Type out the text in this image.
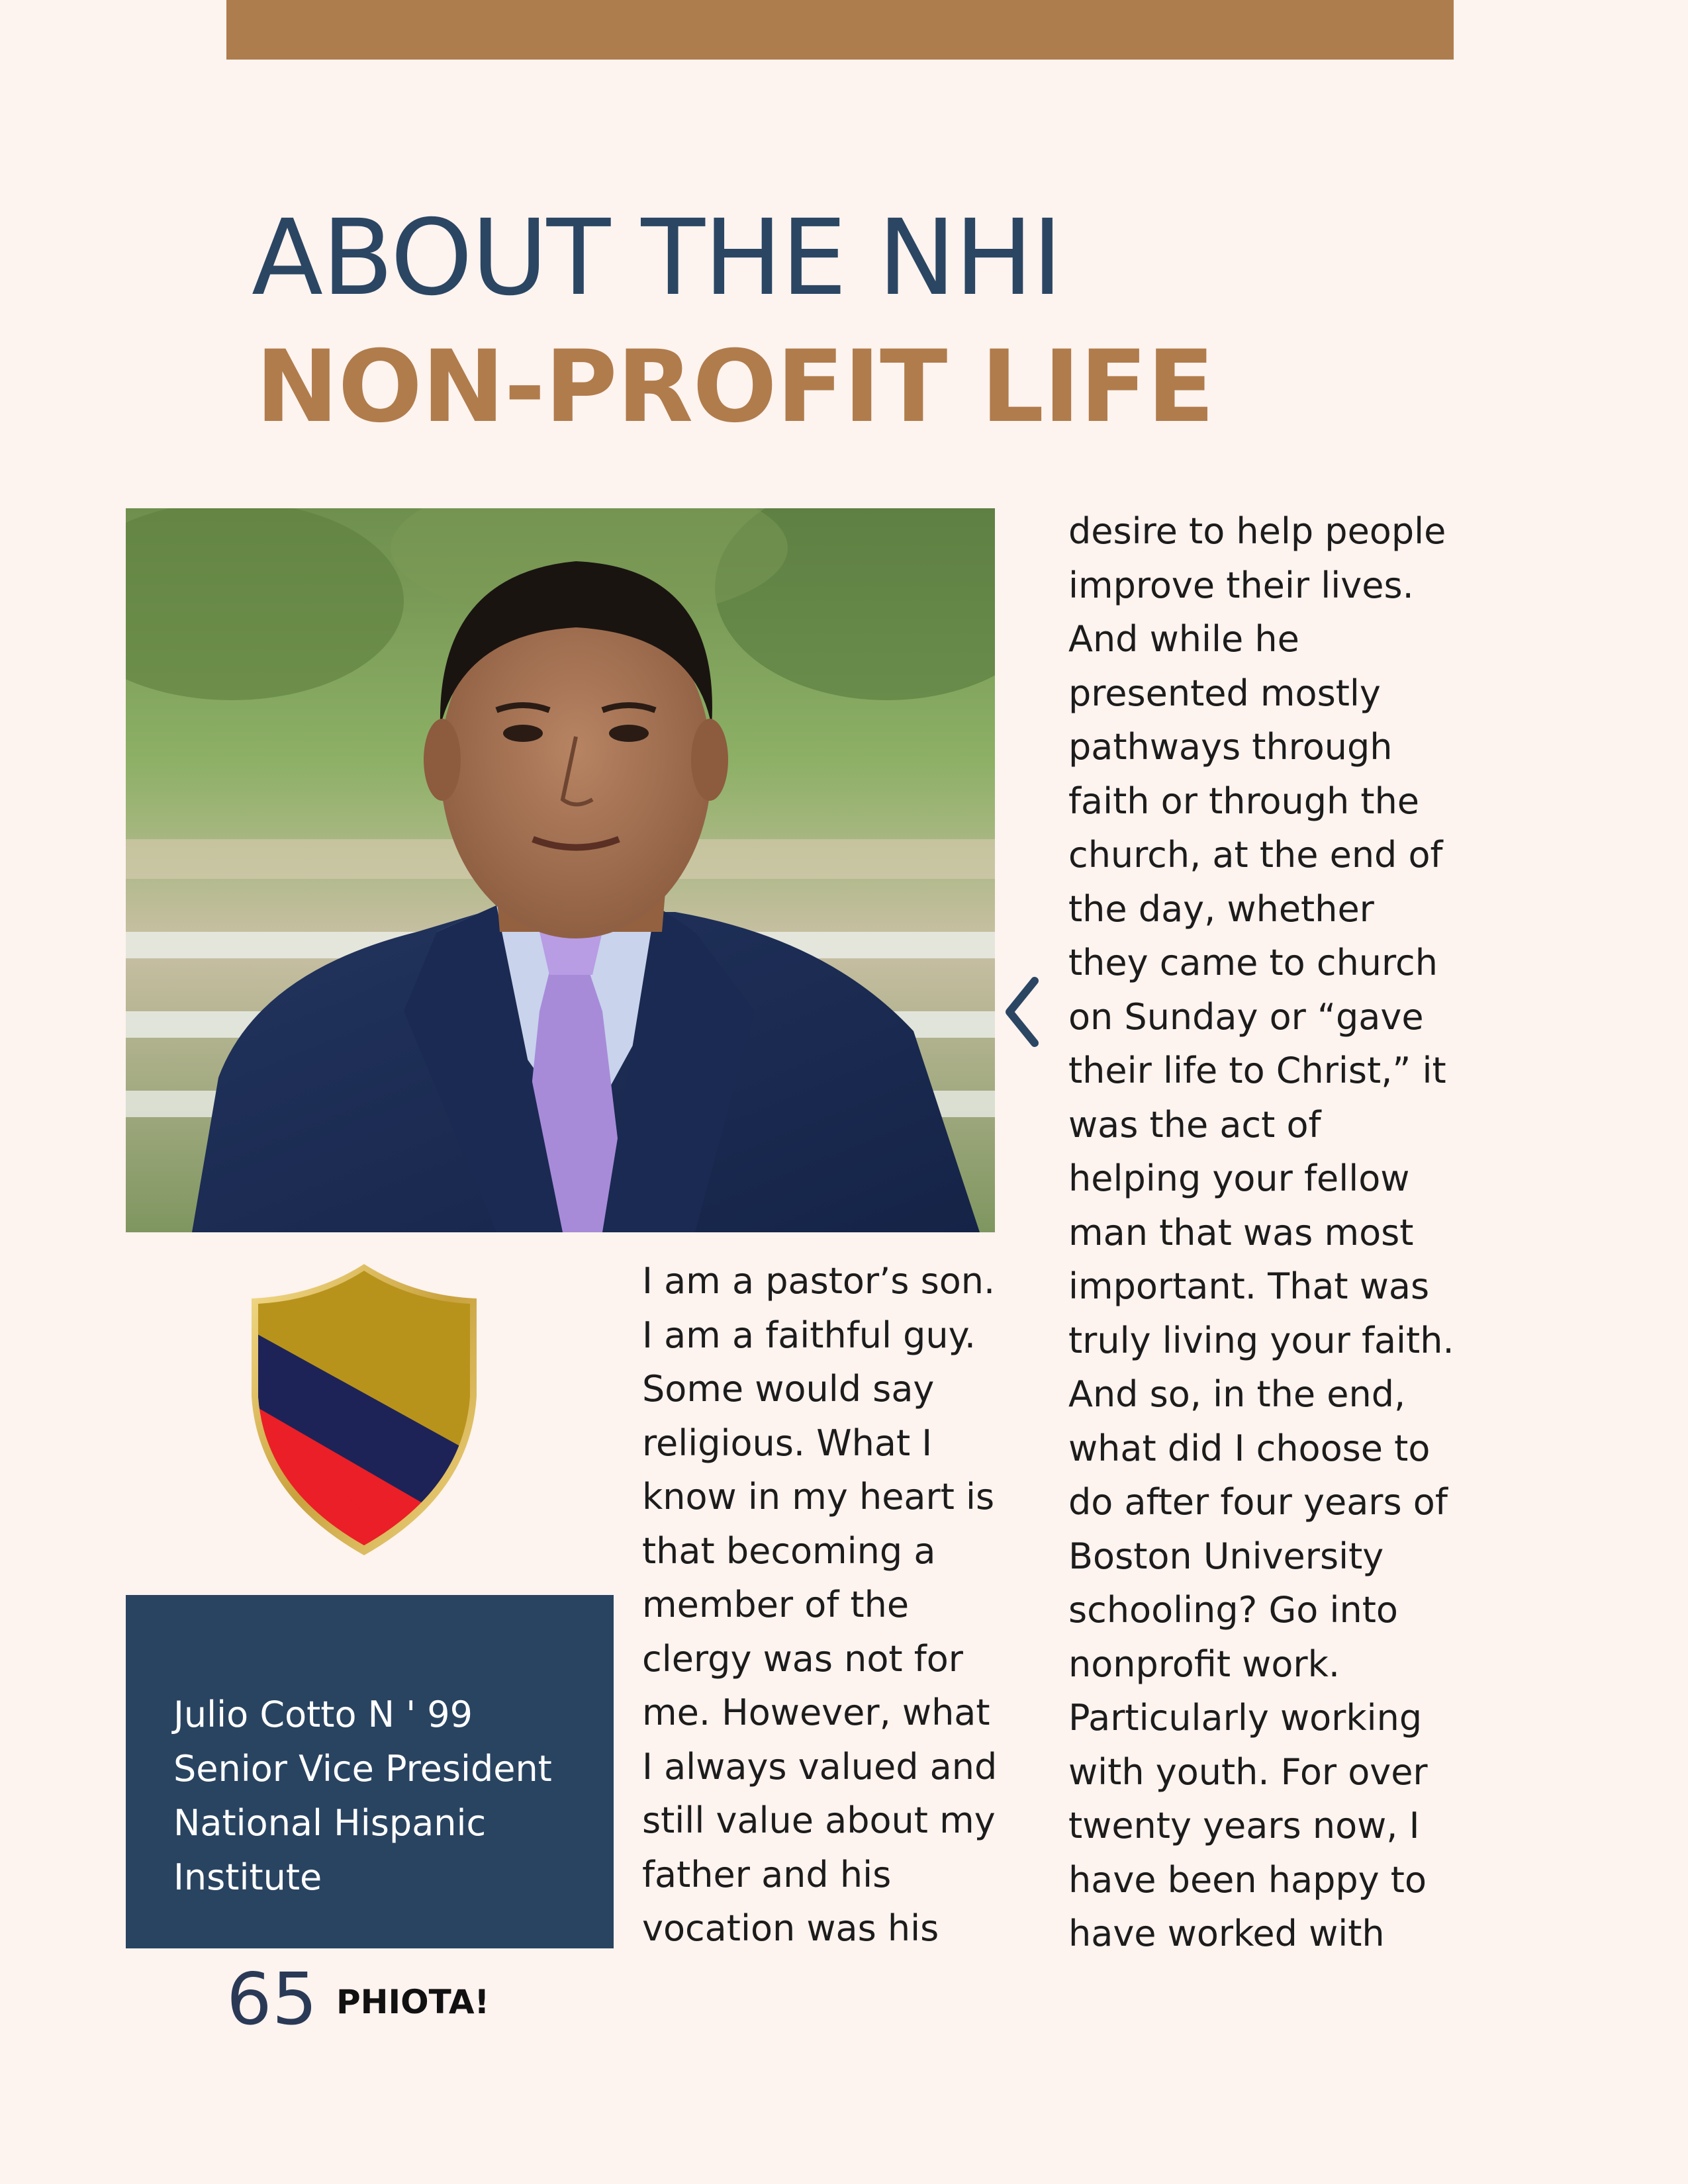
ABOUT THE NHI
NON-PROFIT LIFE
Julio Cotto N ' 99
Senior Vice President
National Hispanic
Institute
I am a pastor’s son.
I am a faithful guy.
Some would say
religious. What I
know in my heart is
that becoming a
member of the
clergy was not for
me. However, what
I always valued and
still value about my
father and his
vocation was his
desire to help people
improve their lives.
And while he
presented mostly
pathways through
faith or through the
church, at the end of
the day, whether
they came to church
on Sunday or “gave
their life to Christ,” it
was the act of
helping your fellow
man that was most
important. That was
truly living your faith.
And so, in the end,
what did I choose to
do after four years of
Boston University
schooling? Go into
nonprofit work.
Particularly working
with youth. For over
twenty years now, I
have been happy to
have worked with
65 PHIOTA!
